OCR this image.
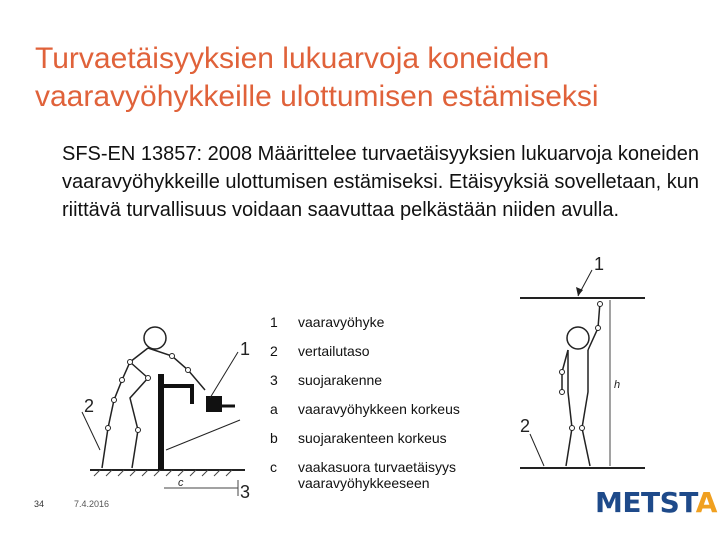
Turvaetäisyyksien lukuarvoja koneiden vaaravyöhykkeille ulottumisen estämiseksi

SFS-EN 13857: 2008 Määrittelee turvaetäisyyksien lukuarvoja koneiden vaaravyöhykkeille ulottumisen estämiseksi. Etäisyyksiä sovelletaan, kun riittävä turvallisuus voidaan saavuttaa pelkästään niiden avulla.

1
2
3
c
1	vaaravyöhyke
2	vertailutaso
3	suojarakenne
a	vaaravyöhykkeen korkeus
b	suojarakenteen korkeus
c	vaakasuora turvaetäisyys vaaravyöhykkeeseen
1
h
2
34	7.4.2016	METSTA
